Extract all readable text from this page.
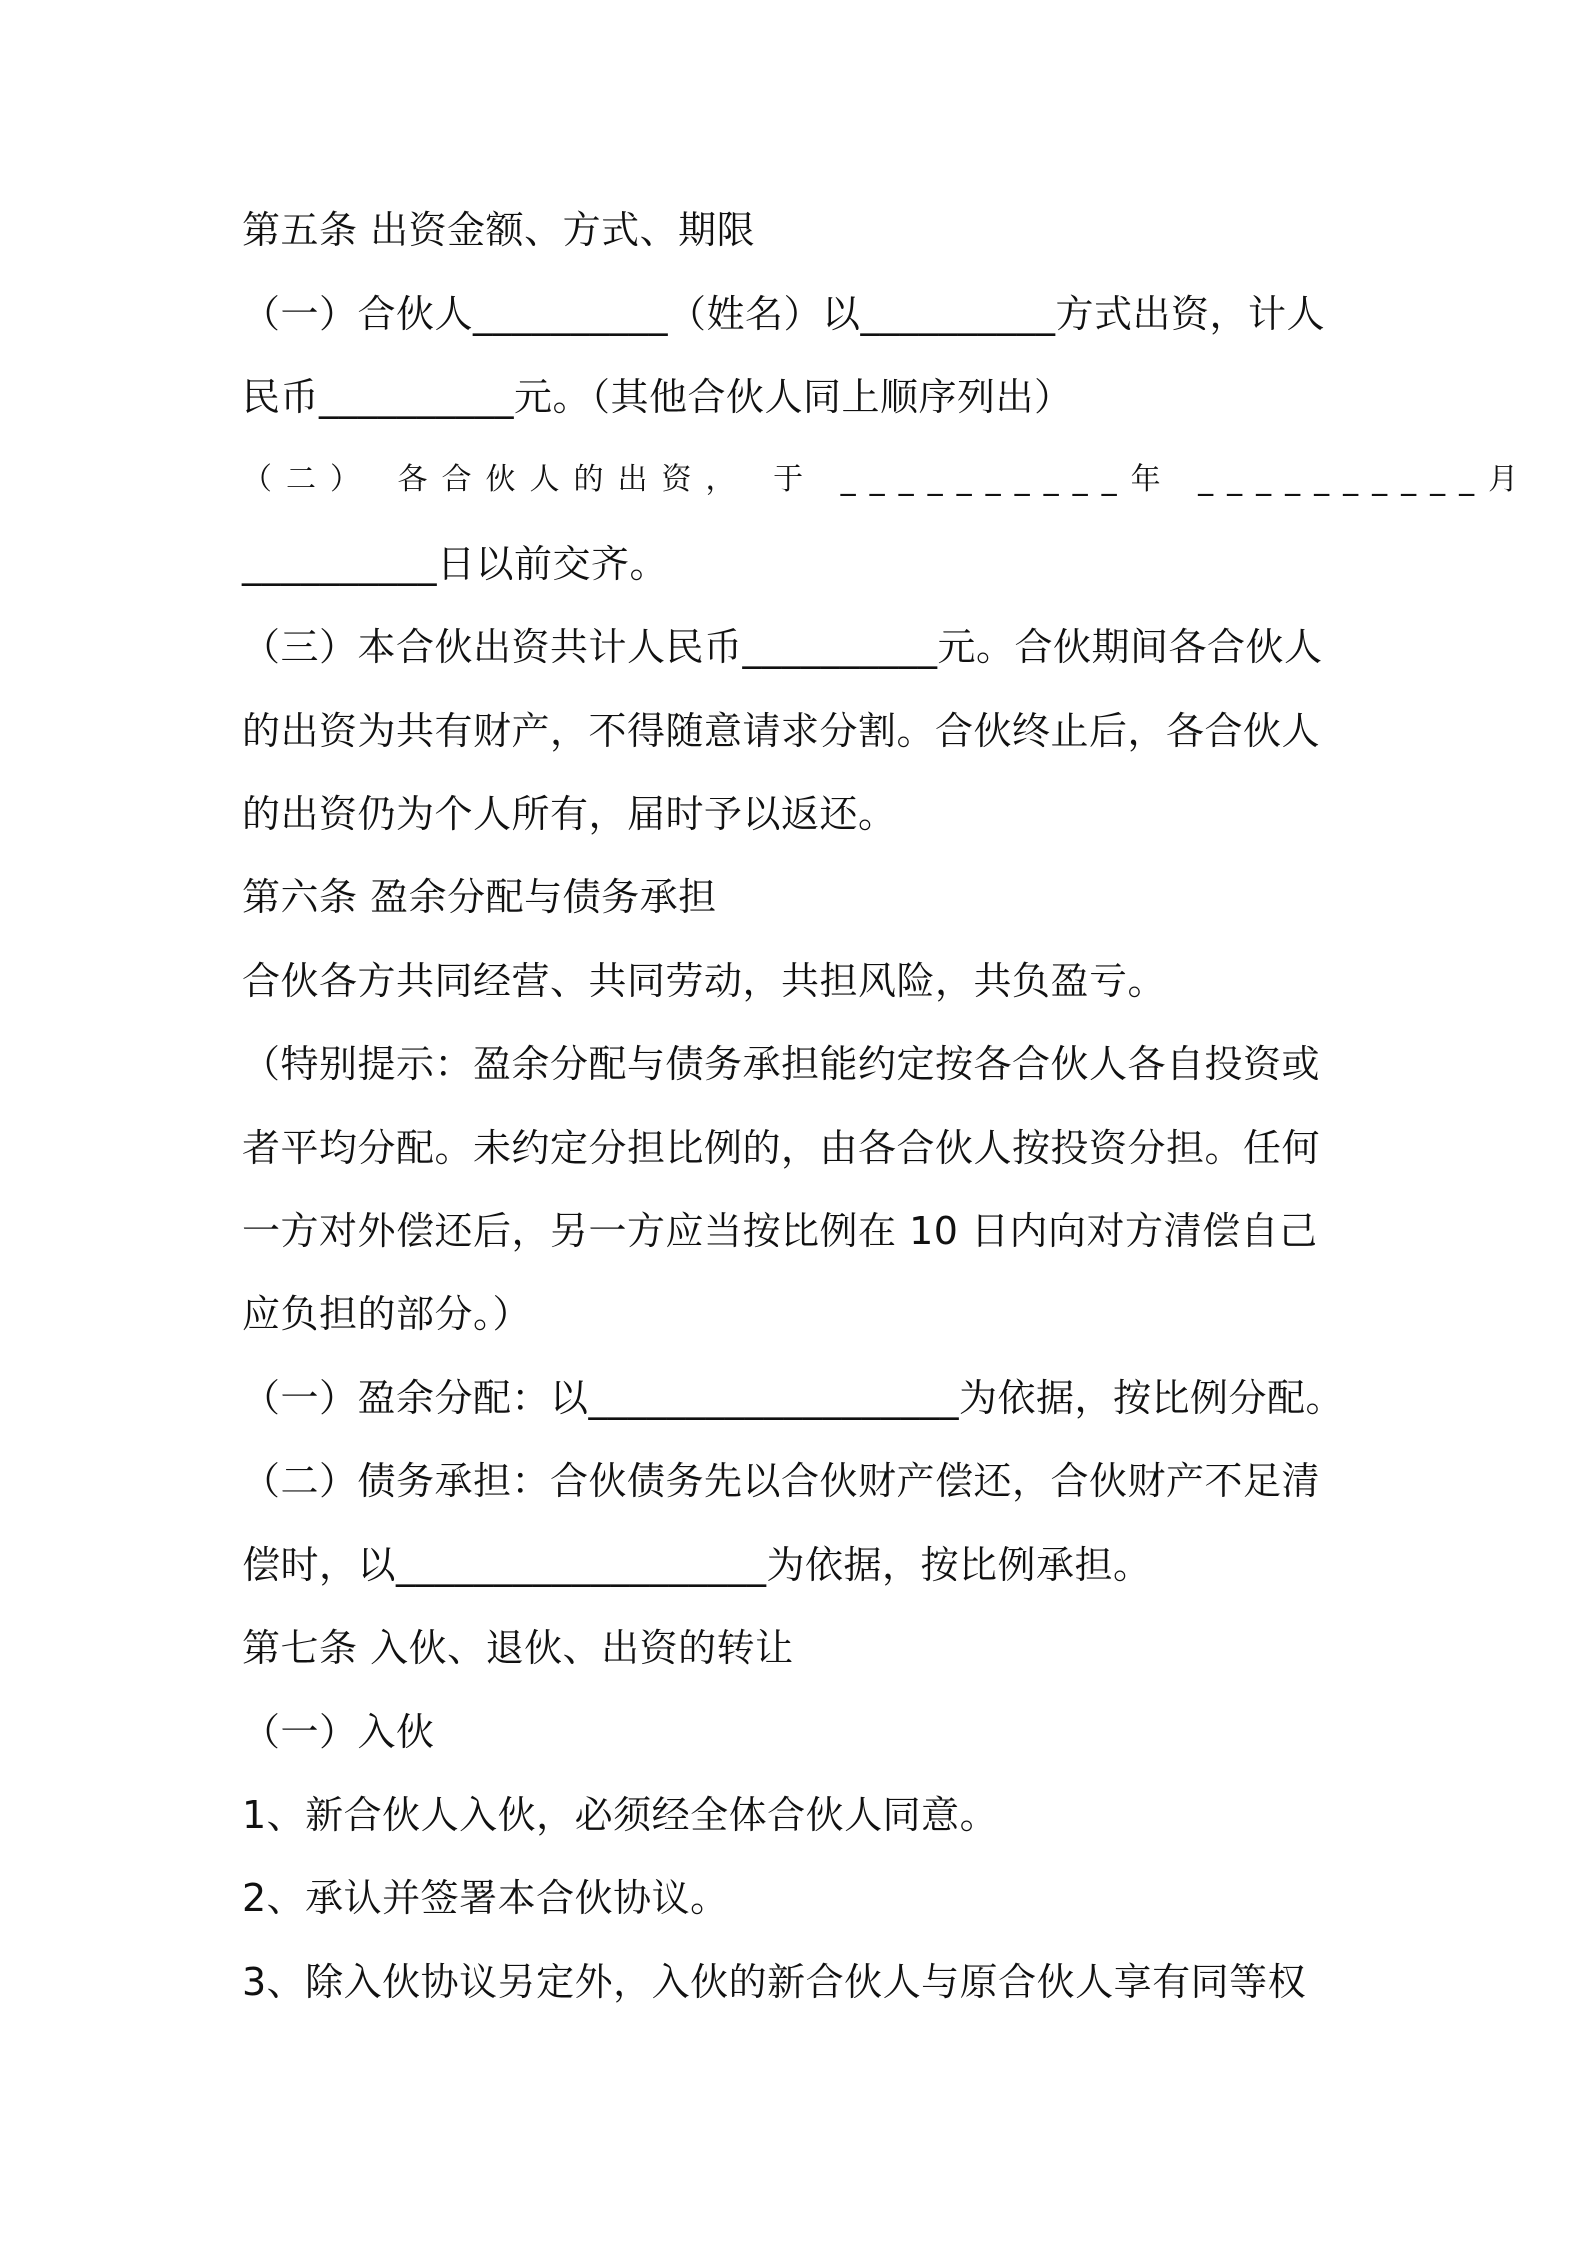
第五条 出资金额、方式、期限
（一）合伙人__________（姓名）以__________方式出资，计人
民币__________元。（其他合伙人同上顺序列出）
（二） 各合伙人的出资， 于 __________年 __________月
__________日以前交齐。
（三）本合伙出资共计人民币__________元。合伙期间各合伙人
的出资为共有财产，不得随意请求分割。合伙终止后，各合伙人
的出资仍为个人所有，届时予以返还。
第六条 盈余分配与债务承担
合伙各方共同经营、共同劳动，共担风险，共负盈亏。
（特别提示：盈余分配与债务承担能约定按各合伙人各自投资或
者平均分配。未约定分担比例的，由各合伙人按投资分担。任何
一方对外偿还后，另一方应当按比例在 10 日内向对方清偿自己
应负担的部分。）
（一）盈余分配：以___________________为依据，按比例分配。
（二）债务承担：合伙债务先以合伙财产偿还，合伙财产不足清
偿时，以___________________为依据，按比例承担。
第七条 入伙、退伙、出资的转让
（一）入伙
1、新合伙人入伙，必须经全体合伙人同意。
2、承认并签署本合伙协议。
3、除入伙协议另定外，入伙的新合伙人与原合伙人享有同等权
